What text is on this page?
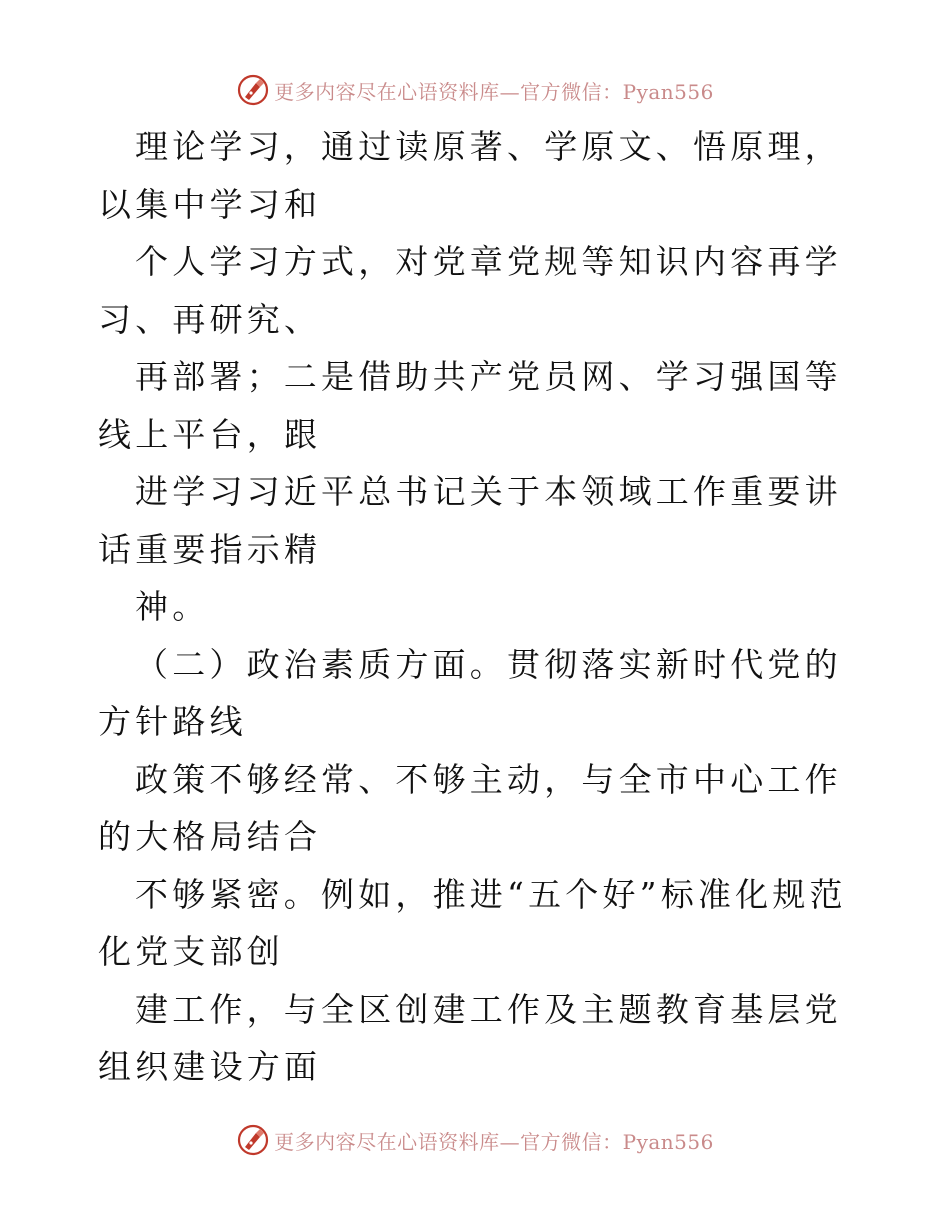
更多内容尽在心语资料库—官方微信：Pyan556

理论学习，通过读原著、学原文、悟原理，以集中学习和

个人学习方式，对党章党规等知识内容再学习、再研究、

再部署；二是借助共产党员网、学习强国等线上平台，跟

进学习习近平总书记关于本领域工作重要讲话重要指示精

神。

（二）政治素质方面。贯彻落实新时代党的方针路线

政策不够经常、不够主动，与全市中心工作的大格局结合

不够紧密。例如，推进“五个好”标准化规范化党支部创

建工作，与全区创建工作及主题教育基层党组织建设方面

更多内容尽在心语资料库—官方微信：Pyan556
